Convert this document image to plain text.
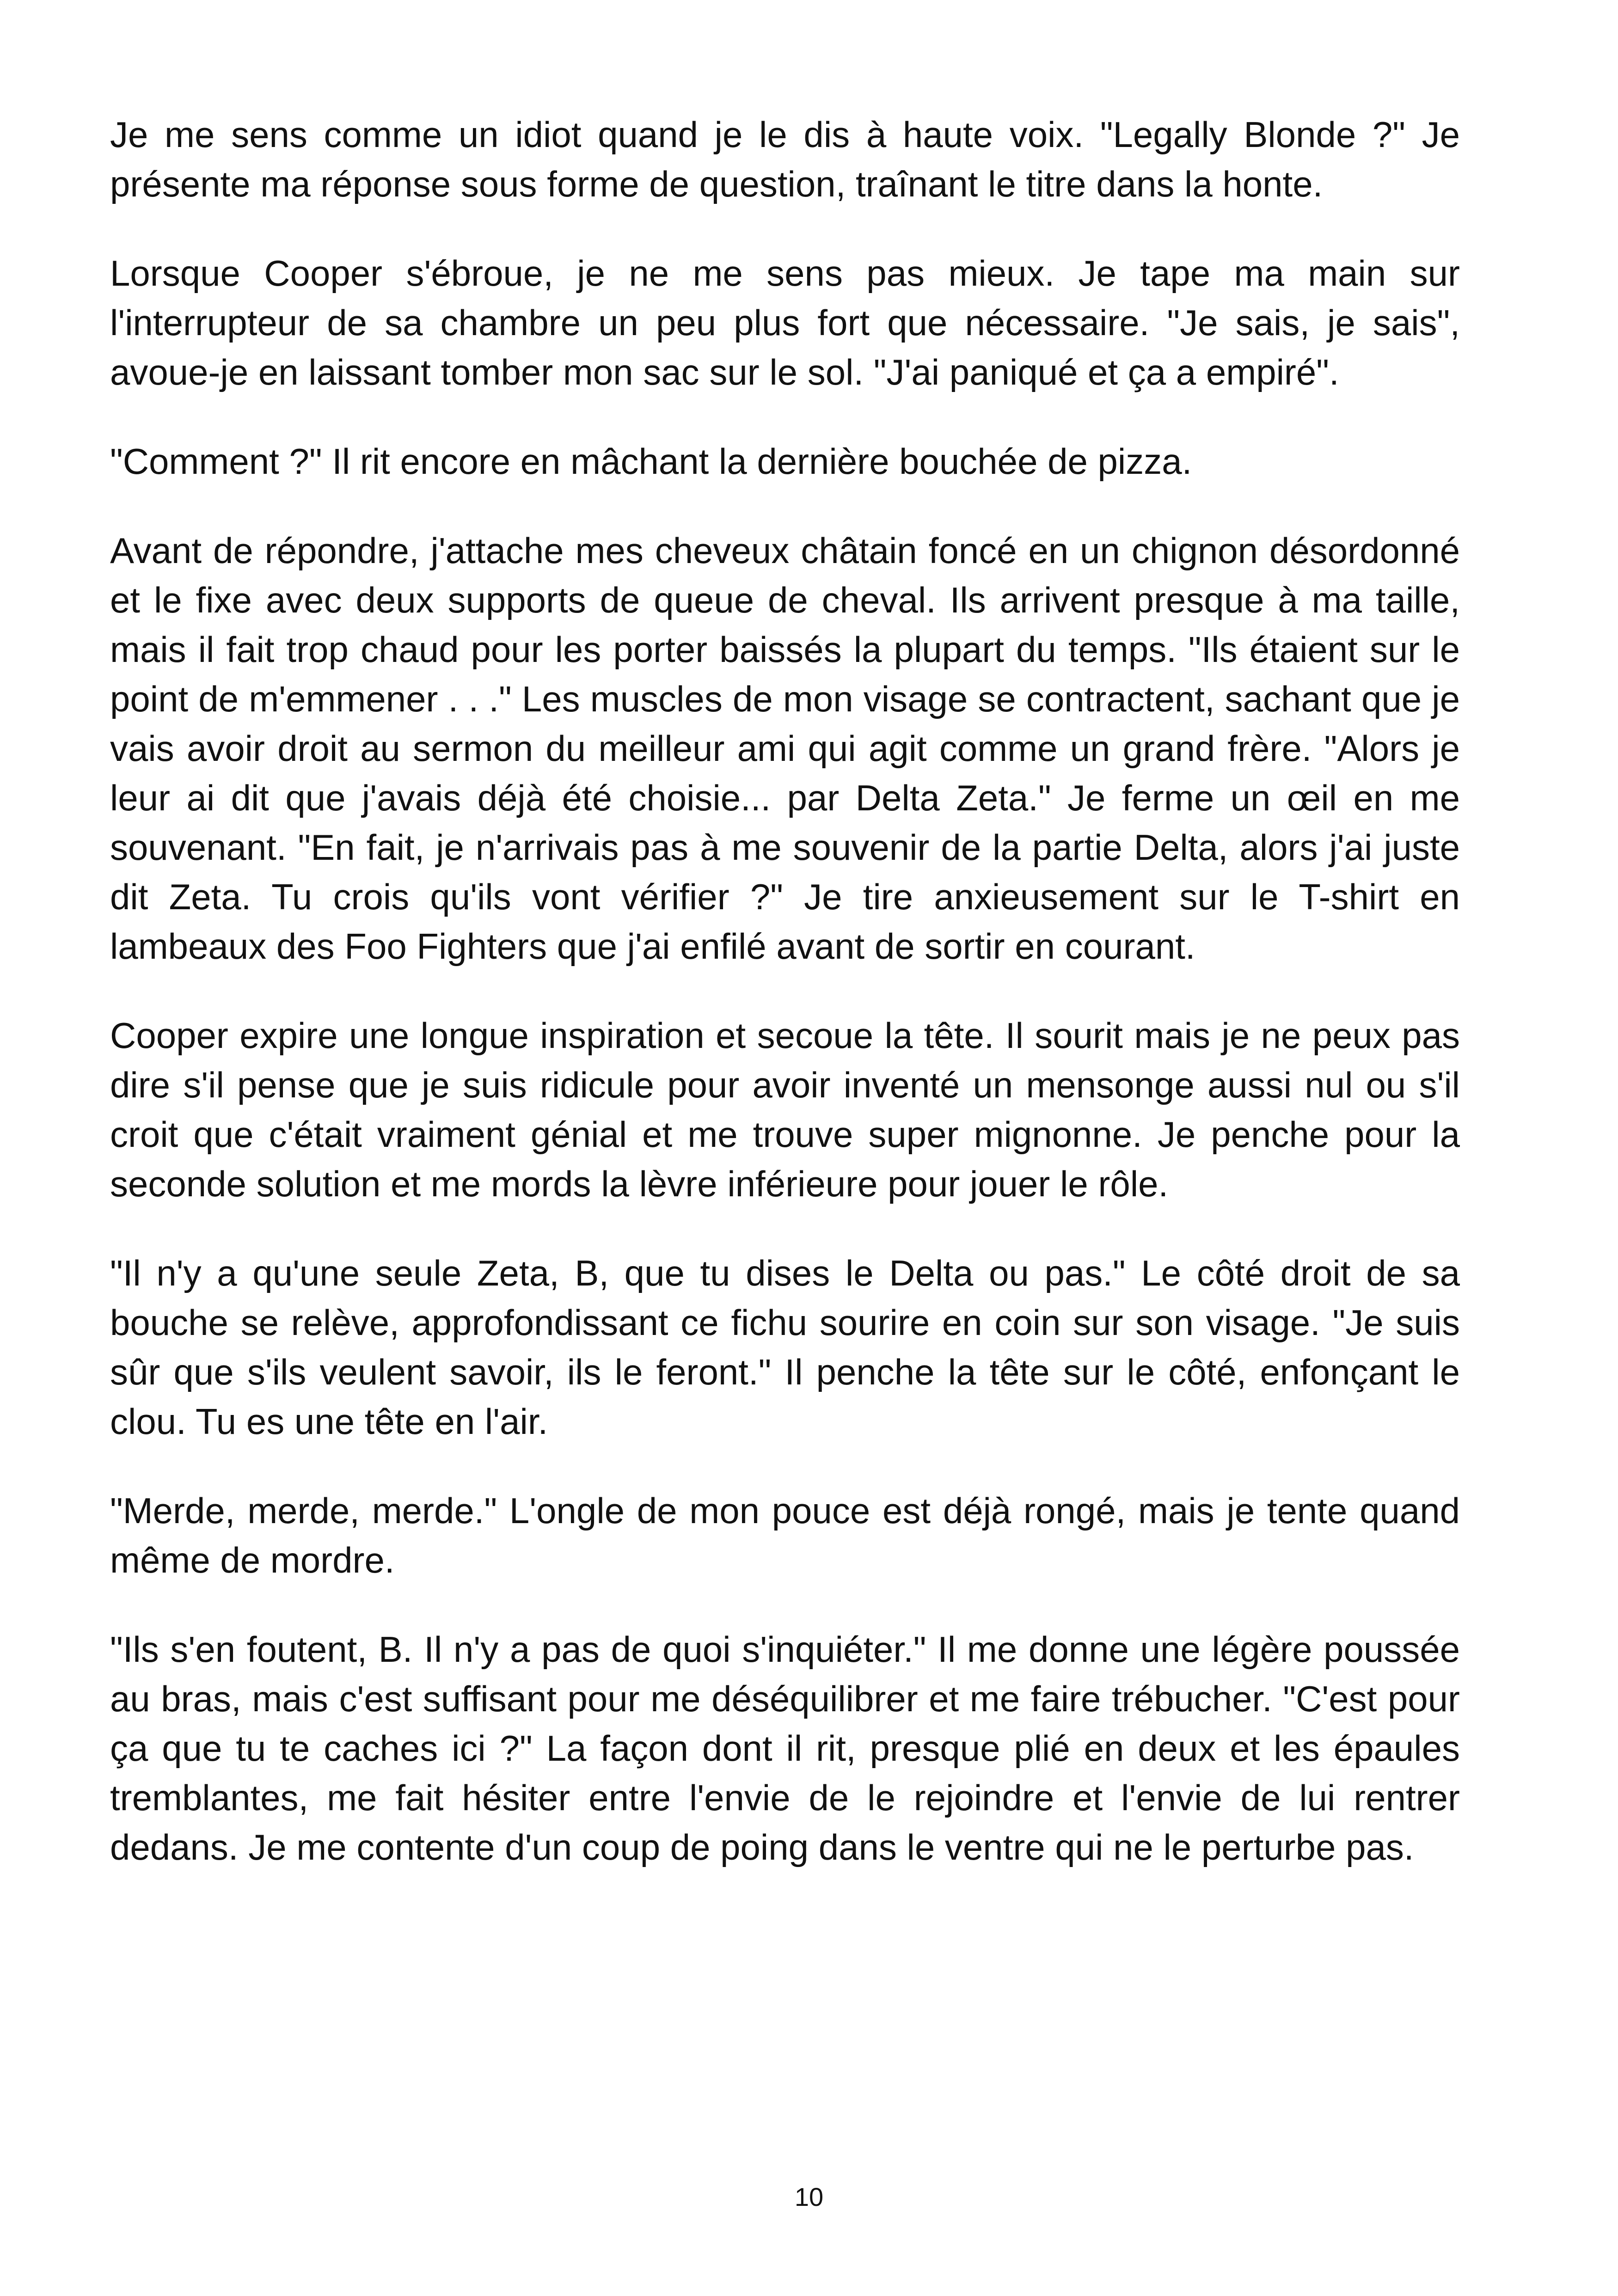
Je me sens comme un idiot quand je le dis à haute voix. "Legally Blonde ?" Je présente ma réponse sous forme de question, traînant le titre dans la honte.

Lorsque Cooper s'ébroue, je ne me sens pas mieux. Je tape ma main sur l'interrupteur de sa chambre un peu plus fort que nécessaire. "Je sais, je sais", avoue-je en laissant tomber mon sac sur le sol. "J'ai paniqué et ça a empiré".

"Comment ?" Il rit encore en mâchant la dernière bouchée de pizza.

Avant de répondre, j'attache mes cheveux châtain foncé en un chignon désordonné et le fixe avec deux supports de queue de cheval. Ils arrivent presque à ma taille, mais il fait trop chaud pour les porter baissés la plupart du temps. "Ils étaient sur le point de m'emmener . . ." Les muscles de mon visage se contractent, sachant que je vais avoir droit au sermon du meilleur ami qui agit comme un grand frère. "Alors je leur ai dit que j'avais déjà été choisie... par Delta Zeta." Je ferme un œil en me souvenant. "En fait, je n'arrivais pas à me souvenir de la partie Delta, alors j'ai juste dit Zeta. Tu crois qu'ils vont vérifier ?" Je tire anxieusement sur le T-shirt en lambeaux des Foo Fighters que j'ai enfilé avant de sortir en courant.

Cooper expire une longue inspiration et secoue la tête. Il sourit mais je ne peux pas dire s'il pense que je suis ridicule pour avoir inventé un mensonge aussi nul ou s'il croit que c'était vraiment génial et me trouve super mignonne. Je penche pour la seconde solution et me mords la lèvre inférieure pour jouer le rôle.

"Il n'y a qu'une seule Zeta, B, que tu dises le Delta ou pas." Le côté droit de sa bouche se relève, approfondissant ce fichu sourire en coin sur son visage. "Je suis sûr que s'ils veulent savoir, ils le feront." Il penche la tête sur le côté, enfonçant le clou. Tu es une tête en l'air.

"Merde, merde, merde." L'ongle de mon pouce est déjà rongé, mais je tente quand même de mordre.

"Ils s'en foutent, B. Il n'y a pas de quoi s'inquiéter." Il me donne une légère poussée au bras, mais c'est suffisant pour me déséquilibrer et me faire trébucher. "C'est pour ça que tu te caches ici ?" La façon dont il rit, presque plié en deux et les épaules tremblantes, me fait hésiter entre l'envie de le rejoindre et l'envie de lui rentrer dedans. Je me contente d'un coup de poing dans le ventre qui ne le perturbe pas.

10
